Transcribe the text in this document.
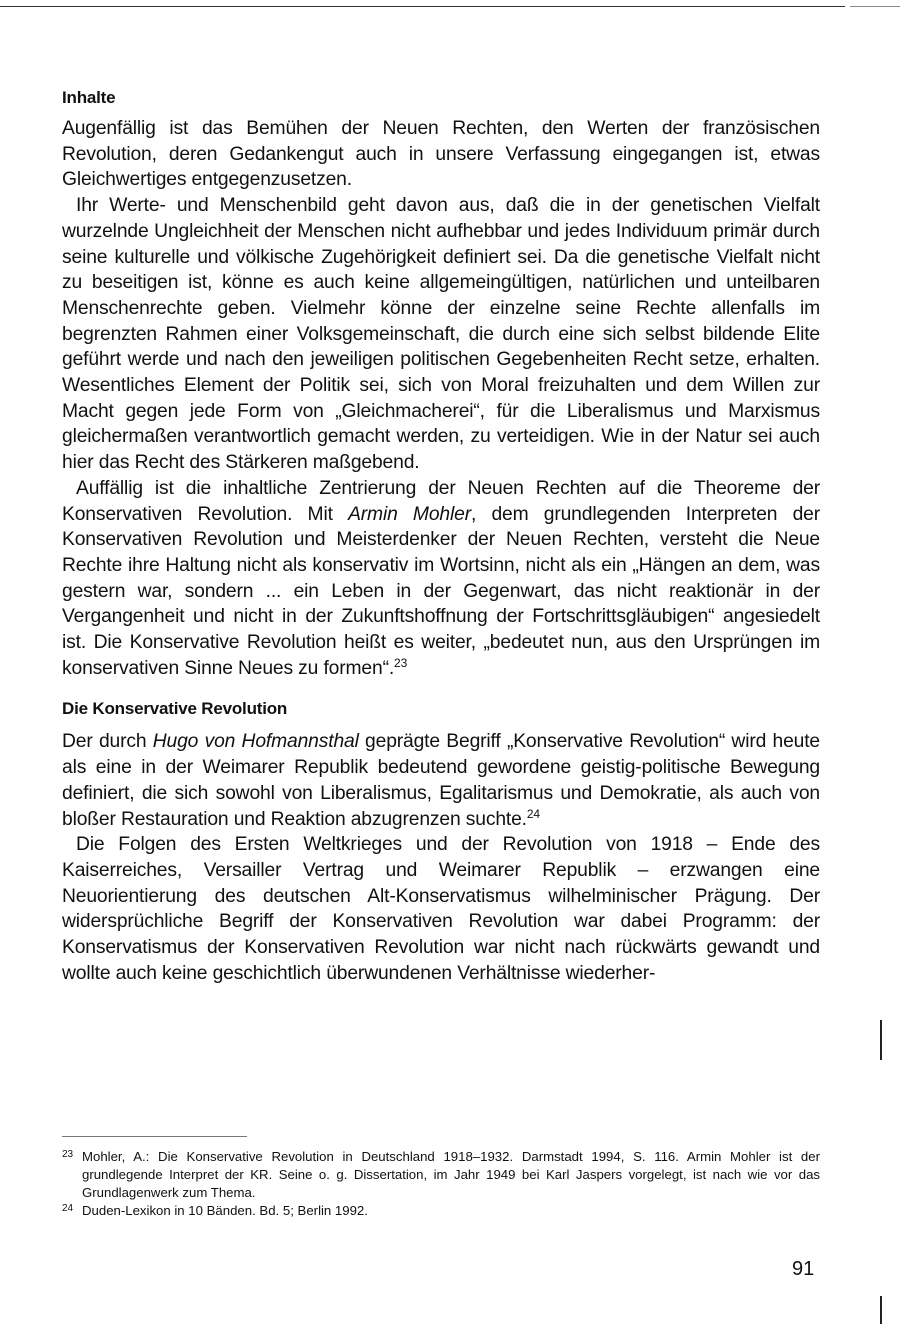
Inhalte

Augenfällig ist das Bemühen der Neuen Rechten, den Werten der französischen Revolution, deren Gedankengut auch in unsere Verfassung eingegangen ist, etwas Gleichwertiges entgegenzusetzen.

Ihr Werte- und Menschenbild geht davon aus, daß die in der genetischen Vielfalt wurzelnde Ungleichheit der Menschen nicht aufhebbar und jedes Individuum primär durch seine kulturelle und völkische Zugehörigkeit definiert sei. Da die genetische Vielfalt nicht zu beseitigen ist, könne es auch keine allgemeingültigen, natürlichen und unteilbaren Menschenrechte geben. Vielmehr könne der einzelne seine Rechte allenfalls im begrenzten Rahmen einer Volksgemeinschaft, die durch eine sich selbst bildende Elite geführt werde und nach den jeweiligen politischen Gegebenheiten Recht setze, erhalten. Wesentliches Element der Politik sei, sich von Moral freizuhalten und dem Willen zur Macht gegen jede Form von „Gleichmacherei“, für die Liberalismus und Marxismus gleichermaßen verantwortlich gemacht werden, zu verteidigen. Wie in der Natur sei auch hier das Recht des Stärkeren maßgebend.

Auffällig ist die inhaltliche Zentrierung der Neuen Rechten auf die Theoreme der Konservativen Revolution. Mit Armin Mohler, dem grundlegenden Interpreten der Konservativen Revolution und Meisterdenker der Neuen Rechten, versteht die Neue Rechte ihre Haltung nicht als konservativ im Wortsinn, nicht als ein „Hängen an dem, was gestern war, sondern ... ein Leben in der Gegenwart, das nicht reaktionär in der Vergangenheit und nicht in der Zukunftshoffnung der Fortschrittsgläubigen“ angesiedelt ist. Die Konservative Revolution heißt es weiter, „bedeutet nun, aus den Ursprüngen im konservativen Sinne Neues zu formen“.$^{23}$

Die Konservative Revolution

Der durch Hugo von Hofmannsthal geprägte Begriff „Konservative Revolution“ wird heute als eine in der Weimarer Republik bedeutend gewordene geistig-politische Bewegung definiert, die sich sowohl von Liberalismus, Egalitarismus und Demokratie, als auch von bloßer Restauration und Reaktion abzugrenzen suchte.$^{24}$

Die Folgen des Ersten Weltkrieges und der Revolution von 1918 – Ende des Kaiserreiches, Versailler Vertrag und Weimarer Republik – erzwangen eine Neuorientierung des deutschen Alt-Konservatismus wilhelminischer Prägung. Der widersprüchliche Begriff der Konservativen Revolution war dabei Programm: der Konservatismus der Konservativen Revolution war nicht nach rückwärts gewandt und wollte auch keine geschichtlich überwundenen Verhältnisse wiederher-

23 Mohler, A.: Die Konservative Revolution in Deutschland 1918–1932. Darmstadt 1994, S. 116. Armin Mohler ist der grundlegende Interpret der KR. Seine o. g. Dissertation, im Jahr 1949 bei Karl Jaspers vorgelegt, ist nach wie vor das Grundlagenwerk zum Thema.
24 Duden-Lexikon in 10 Bänden. Bd. 5; Berlin 1992.
91
